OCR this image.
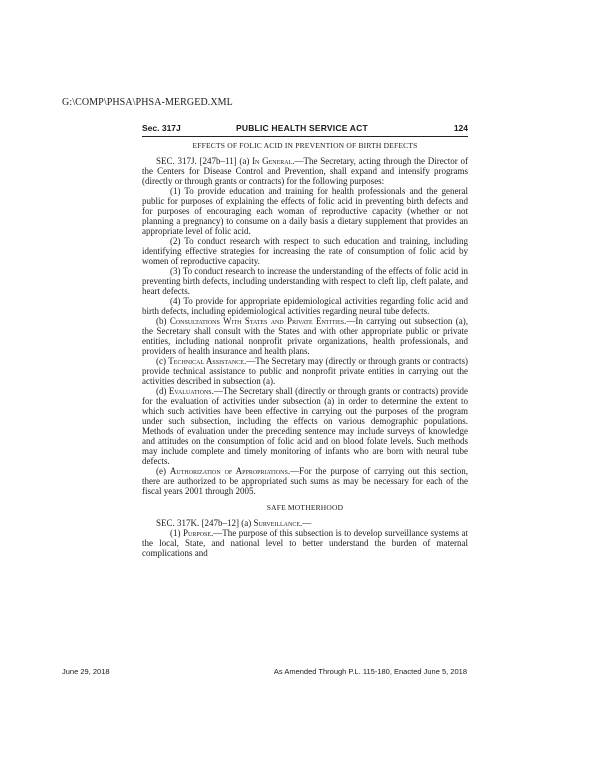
G:\COMP\PHSA\PHSA-MERGED.XML
Sec. 317J	PUBLIC HEALTH SERVICE ACT	124
EFFECTS OF FOLIC ACID IN PREVENTION OF BIRTH DEFECTS

SEC. 317J. [247b–11] (a) In General.—The Secretary, acting through the Director of the Centers for Disease Control and Prevention, shall expand and intensify programs (directly or through grants or contracts) for the following purposes:

(1) To provide education and training for health professionals and the general public for purposes of explaining the effects of folic acid in preventing birth defects and for purposes of encouraging each woman of reproductive capacity (whether or not planning a pregnancy) to consume on a daily basis a dietary supplement that provides an appropriate level of folic acid.

(2) To conduct research with respect to such education and training, including identifying effective strategies for increasing the rate of consumption of folic acid by women of reproductive capacity.

(3) To conduct research to increase the understanding of the effects of folic acid in preventing birth defects, including understanding with respect to cleft lip, cleft palate, and heart defects.

(4) To provide for appropriate epidemiological activities regarding folic acid and birth defects, including epidemiological activities regarding neural tube defects.

(b) Consultations With States and Private Entities.—In carrying out subsection (a), the Secretary shall consult with the States and with other appropriate public or private entities, including national nonprofit private organizations, health professionals, and providers of health insurance and health plans.

(c) Technical Assistance.—The Secretary may (directly or through grants or contracts) provide technical assistance to public and nonprofit private entities in carrying out the activities described in subsection (a).

(d) Evaluations.—The Secretary shall (directly or through grants or contracts) provide for the evaluation of activities under subsection (a) in order to determine the extent to which such activities have been effective in carrying out the purposes of the program under such subsection, including the effects on various demographic populations. Methods of evaluation under the preceding sentence may include surveys of knowledge and attitudes on the consumption of folic acid and on blood folate levels. Such methods may include complete and timely monitoring of infants who are born with neural tube defects.

(e) Authorization of Appropriations.—For the purpose of carrying out this section, there are authorized to be appropriated such sums as may be necessary for each of the fiscal years 2001 through 2005.

SAFE MOTHERHOOD

SEC. 317K. [247b–12] (a) Surveillance.—

(1) Purpose.—The purpose of this subsection is to develop surveillance systems at the local, State, and national level to better understand the burden of maternal complications and

June 29, 2018	As Amended Through P.L. 115-180, Enacted June 5, 2018
